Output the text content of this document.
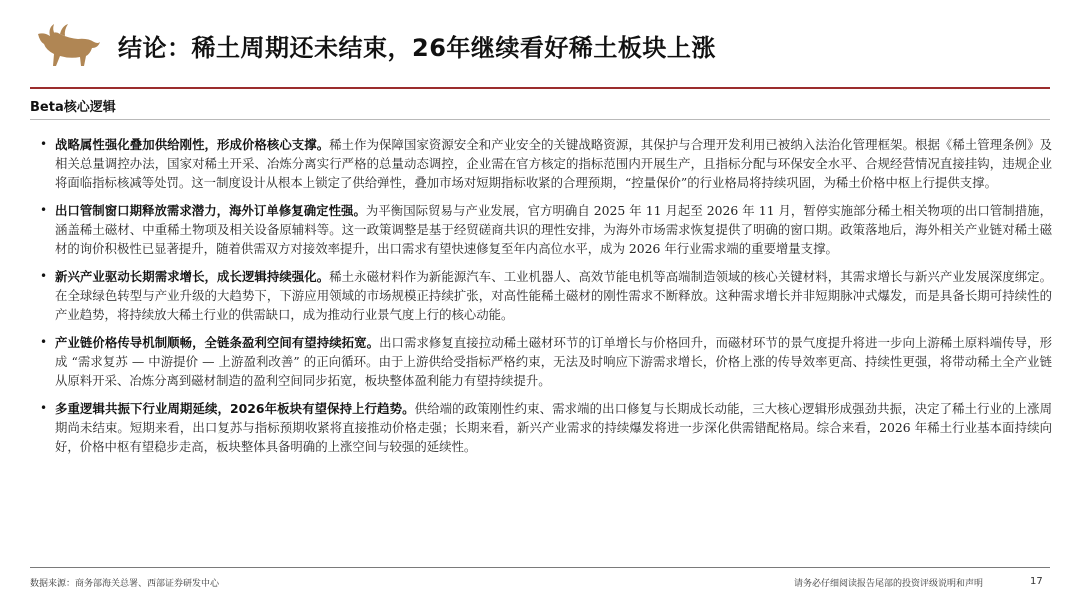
结论：稀土周期还未结束，26年继续看好稀土板块上涨
Beta核心逻辑
• 战略属性强化叠加供给刚性，形成价格核心支撑。稀土作为保障国家资源安全和产业安全的关键战略资源，其保护与合理开发利用已被纳入法治化管理框架。根据《稀土管理条例》及相关总量调控办法，国家对稀土开采、冶炼分离实行严格的总量动态调控，企业需在官方核定的指标范围内开展生产，且指标分配与环保安全水平、合规经营情况直接挂钩，违规企业将面临指标核减等处罚。这一制度设计从根本上锁定了供给弹性，叠加市场对短期指标收紧的合理预期，“控量保价”的行业格局将持续巩固，为稀土价格中枢上行提供支撑。
• 出口管制窗口期释放需求潜力，海外订单修复确定性强。为平衡国际贸易与产业发展，官方明确自 2025 年 11 月起至 2026 年 11 月，暂停实施部分稀土相关物项的出口管制措施，涵盖稀土磁材、中重稀土物项及相关设备原辅料等。这一政策调整是基于经贸磋商共识的理性安排，为海外市场需求恢复提供了明确的窗口期。政策落地后，海外相关产业链对稀土磁材的询价积极性已显著提升，随着供需双方对接效率提升，出口需求有望快速修复至年内高位水平，成为 2026 年行业需求端的重要增量支撑。
• 新兴产业驱动长期需求增长，成长逻辑持续强化。稀土永磁材料作为新能源汽车、工业机器人、高效节能电机等高端制造领域的核心关键材料，其需求增长与新兴产业发展深度绑定。在全球绿色转型与产业升级的大趋势下，下游应用领域的市场规模正持续扩张，对高性能稀土磁材的刚性需求不断释放。这种需求增长并非短期脉冲式爆发，而是具备长期可持续性的产业趋势，将持续放大稀土行业的供需缺口，成为推动行业景气度上行的核心动能。
• 产业链价格传导机制顺畅，全链条盈利空间有望持续拓宽。出口需求修复直接拉动稀土磁材环节的订单增长与价格回升，而磁材环节的景气度提升将进一步向上游稀土原料端传导，形成 “需求复苏 — 中游提价 — 上游盈利改善” 的正向循环。由于上游供给受指标严格约束，无法及时响应下游需求增长，价格上涨的传导效率更高、持续性更强，将带动稀土全产业链从原料开采、冶炼分离到磁材制造的盈利空间同步拓宽，板块整体盈利能力有望持续提升。
• 多重逻辑共振下行业周期延续，2026年板块有望保持上行趋势。供给端的政策刚性约束、需求端的出口修复与长期成长动能，三大核心逻辑形成强劲共振，决定了稀土行业的上涨周期尚未结束。短期来看，出口复苏与指标预期收紧将直接推动价格走强；长期来看，新兴产业需求的持续爆发将进一步深化供需错配格局。综合来看，2026 年稀土行业基本面持续向好，价格中枢有望稳步走高，板块整体具备明确的上涨空间与较强的延续性。
数据来源：商务部海关总署、西部证券研发中心	请务必仔细阅读报告尾部的投资评级说明和声明	17
